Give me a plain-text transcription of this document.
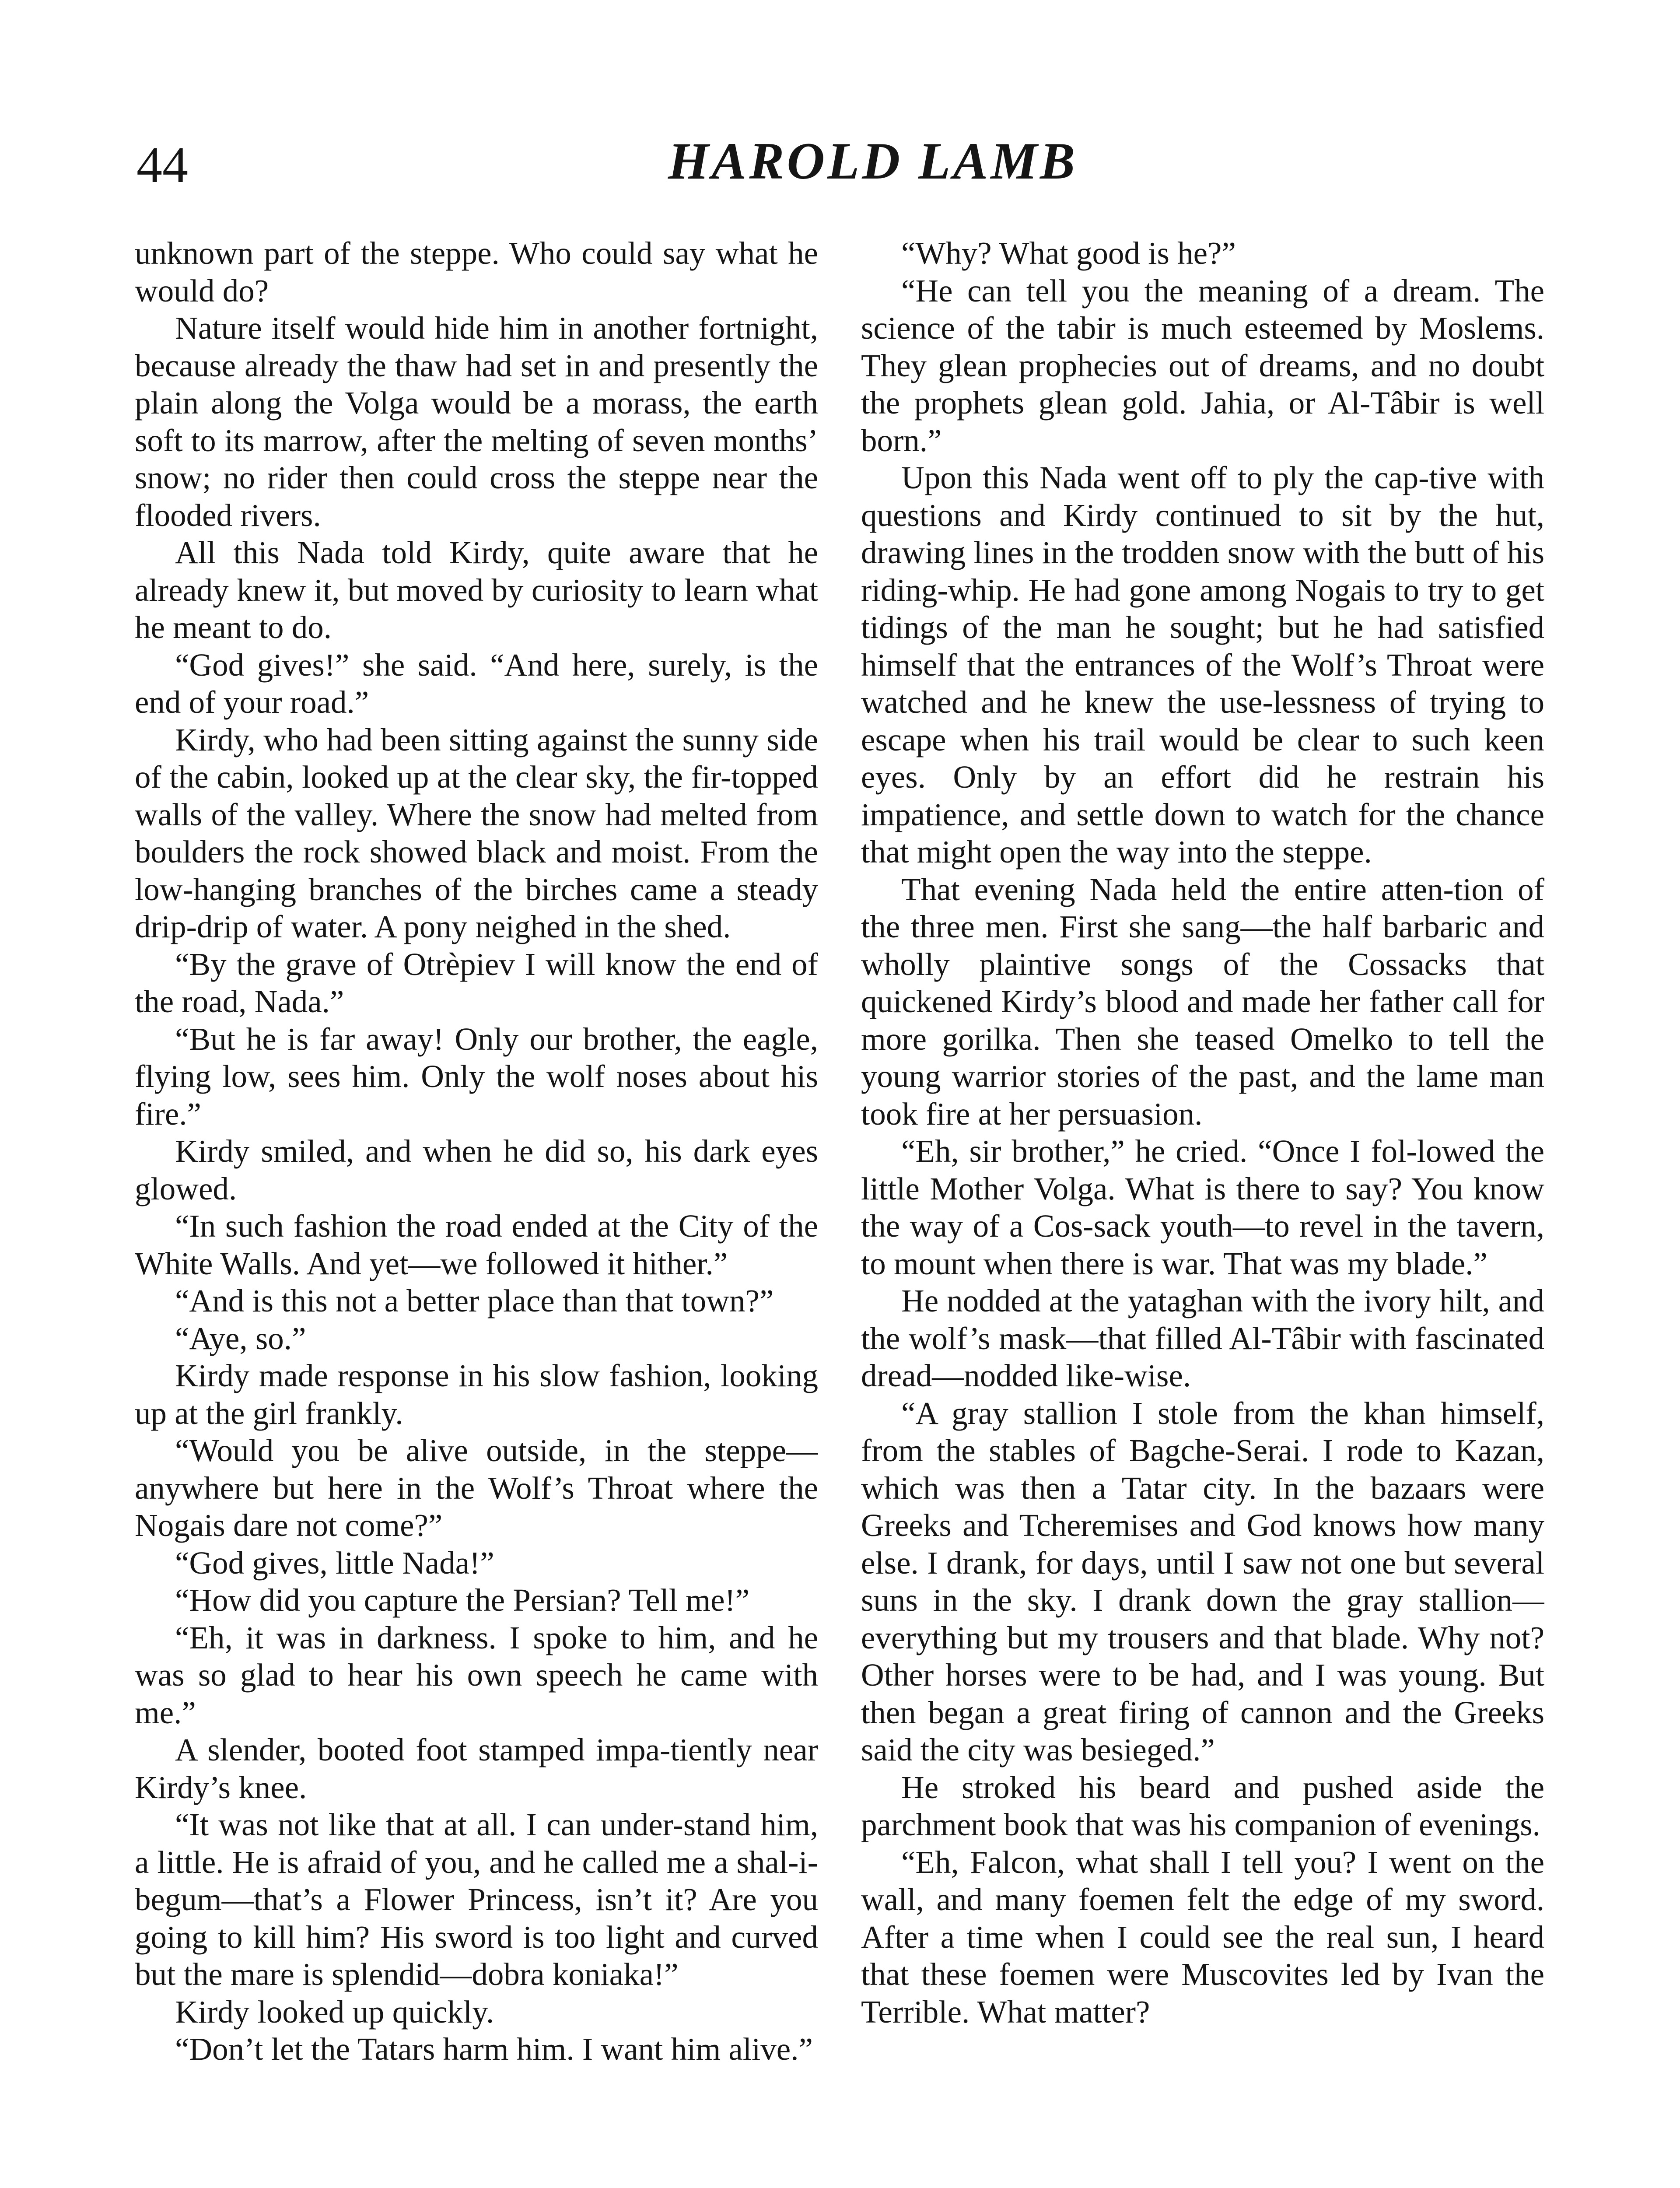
44	HAROLD LAMB

unknown part of the steppe. Who could say what he would do?

Nature itself would hide him in another fortnight, because already the thaw had set in and presently the plain along the Volga would be a morass, the earth soft to its marrow, after the melting of seven months’ snow; no rider then could cross the steppe near the flooded rivers.

All this Nada told Kirdy, quite aware that he already knew it, but moved by curiosity to learn what he meant to do.

“God gives!” she said. “And here, surely, is the end of your road.”

Kirdy, who had been sitting against the sunny side of the cabin, looked up at the clear sky, the fir-topped walls of the valley. Where the snow had melted from boulders the rock showed black and moist. From the low-hanging branches of the birches came a steady drip-drip of water. A pony neighed in the shed.

“By the grave of Otrèpiev I will know the end of the road, Nada.”

“But he is far away! Only our brother, the eagle, flying low, sees him. Only the wolf noses about his fire.”

Kirdy smiled, and when he did so, his dark eyes glowed.

“In such fashion the road ended at the City of the White Walls. And yet—we followed it hither.”

“And is this not a better place than that town?”

“Aye, so.”

Kirdy made response in his slow fashion, looking up at the girl frankly.

“Would you be alive outside, in the steppe—anywhere but here in the Wolf’s Throat where the Nogais dare not come?”

“God gives, little Nada!”

“How did you capture the Persian? Tell me!”

“Eh, it was in darkness. I spoke to him, and he was so glad to hear his own speech he came with me.”

A slender, booted foot stamped impa-tiently near Kirdy’s knee.

“It was not like that at all. I can under-stand him, a little. He is afraid of you, and he called me a shal-i-begum—that’s a Flower Princess, isn’t it? Are you going to kill him? His sword is too light and curved but the mare is splendid—dobra koniaka!”

Kirdy looked up quickly.

“Don’t let the Tatars harm him. I want him alive.”

“Why? What good is he?”

“He can tell you the meaning of a dream. The science of the tabir is much esteemed by Moslems. They glean prophecies out of dreams, and no doubt the prophets glean gold. Jahia, or Al-Tâbir is well born.”

Upon this Nada went off to ply the cap-tive with questions and Kirdy continued to sit by the hut, drawing lines in the trodden snow with the butt of his riding-whip. He had gone among Nogais to try to get tidings of the man he sought; but he had satisfied himself that the entrances of the Wolf’s Throat were watched and he knew the use-lessness of trying to escape when his trail would be clear to such keen eyes. Only by an effort did he restrain his impatience, and settle down to watch for the chance that might open the way into the steppe.

That evening Nada held the entire atten-tion of the three men. First she sang—the half barbaric and wholly plaintive songs of the Cossacks that quickened Kirdy’s blood and made her father call for more gorilka. Then she teased Omelko to tell the young warrior stories of the past, and the lame man took fire at her persuasion.

“Eh, sir brother,” he cried. “Once I fol-lowed the little Mother Volga. What is there to say? You know the way of a Cos-sack youth—to revel in the tavern, to mount when there is war. That was my blade.”

He nodded at the yataghan with the ivory hilt, and the wolf’s mask—that filled Al-Tâbir with fascinated dread—nodded like-wise.

“A gray stallion I stole from the khan himself, from the stables of Bagche-Serai. I rode to Kazan, which was then a Tatar city. In the bazaars were Greeks and Tcheremises and God knows how many else. I drank, for days, until I saw not one but several suns in the sky. I drank down the gray stallion—everything but my trousers and that blade. Why not? Other horses were to be had, and I was young. But then began a great firing of cannon and the Greeks said the city was besieged.”

He stroked his beard and pushed aside the parchment book that was his companion of evenings.

“Eh, Falcon, what shall I tell you? I went on the wall, and many foemen felt the edge of my sword. After a time when I could see the real sun, I heard that these foemen were Muscovites led by Ivan the Terrible. What matter?
